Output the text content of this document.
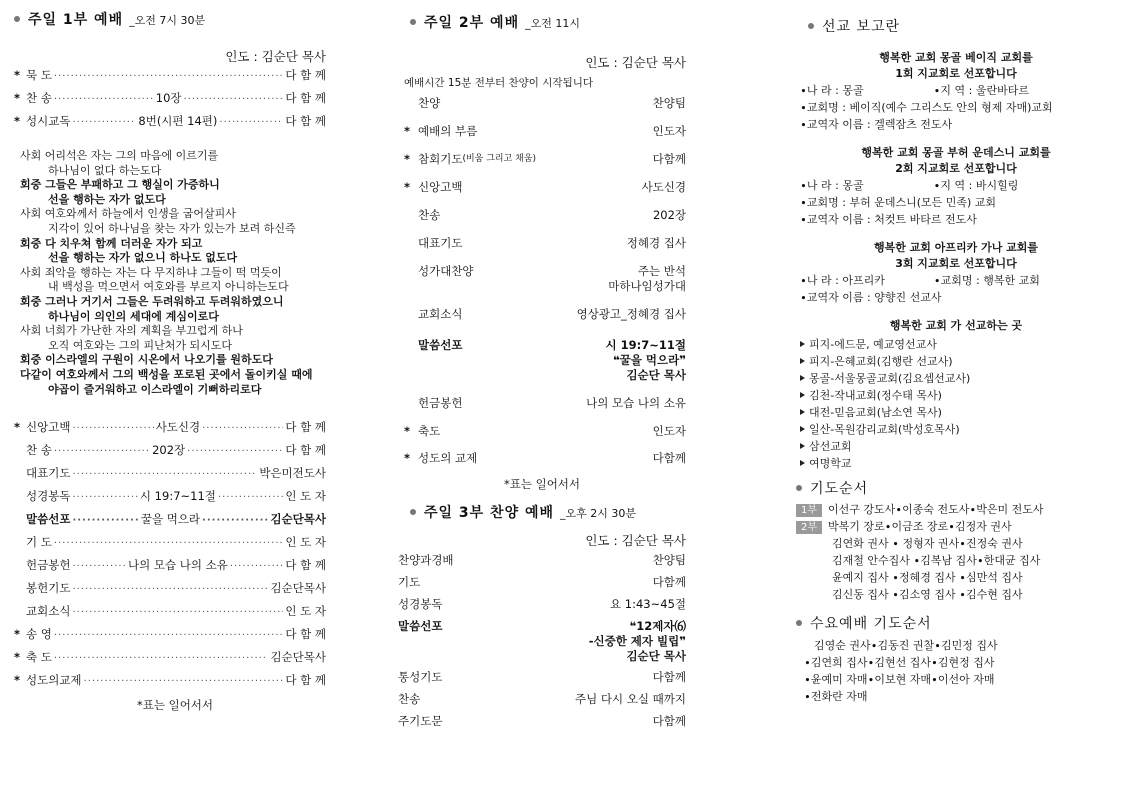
주일 1부 예배 _오전 7시 30분
인도 : 김순단 목사
* 묵 도 ·····	다 함 께
* 찬 송 ·····	10장 ·····	다 함 께
* 성시교독 ·····	8번(시편 14편) ·····	다 함 께
사회 어리석은 자는 그의 마음에 이르기를
하나님이 없다 하는도다
회중 그들은 부패하고 그 행실이 가증하니
선을 행하는 자가 없도다
사회 여호와께서 하늘에서 인생을 굽어살피사
지각이 있어 하나님을 찾는 자가 있는가 보려 하신즉
회중 다 치우쳐 함께 더러운 자가 되고
선을 행하는 자가 없으니 하나도 없도다
사회 죄악을 행하는 자는 다 무지하냐 그들이 떡 먹듯이
내 백성을 먹으면서 여호와를 부르지 아니하는도다
회중 그러나 거기서 그들은 두려워하고 두려워하였으니
하나님이 의인의 세대에 계심이로다
사회 너희가 가난한 자의 계획을 부끄럽게 하나
오직 여호와는 그의 피난처가 되시도다
회중 이스라엘의 구원이 시온에서 나오기를 원하도다
다같이 여호와께서 그의 백성을 포로된 곳에서 돌이키실 때에
야곱이 즐거워하고 이스라엘이 기뻐하리로다
* 신앙고백 ·····	사도신경 ·····	다 함 께
찬 송 ·····	202장 ·····	다 함 께
대표기도 ·····	박은미전도사
성경봉독 ·····	시 19:7~11절 ·····	인 도 자
말씀선포 ·····	꿀을 먹으라 ·····	김순단목사
기 도 ·····	인 도 자
헌금봉헌 ·····	나의 모습 나의 소유 ·····	다 함 께
봉헌기도 ·····	김순단목사
교회소식 ·····	인 도 자
* 송 영 ·····	다 함 께
* 축 도 ·····	김순단목사
* 성도의교제 ·····	다 함 께
*표는 일어서서
주일 2부 예배 _오전 11시
인도 : 김순단 목사
예배시간 15분 전부터 찬양이 시작됩니다
찬양	찬양팀
* 예배의 부름	인도자
* 참회기도 (비움 그리고 채움)	다함께
* 신앙고백	사도신경
찬송	202장
대표기도	정혜경 집사
성가대찬양	주는 반석
마하나임성가대
교회소식	영상광고_정혜경 집사
말씀선포	시 19:7~11절
❝꿀을 먹으라❞
김순단 목사
헌금봉헌	나의 모습 나의 소유
* 축도	인도자
* 성도의 교제	다함께
*표는 일어서서
주일 3부 찬양 예배 _오후 2시 30분
인도 : 김순단 목사
찬양과경배	찬양팀
기도	다함께
성경봉독	요 1:43~45절
말씀선포	❝12제자⑹
-신중한 제자 빌립❞
김순단 목사
통성기도	다함께
찬송	주님 다시 오실 때까지
주기도문	다함께
선교 보고란
행복한 교회 몽골 베이직 교회를
1회 지교회로 선포합니다
∙나 라 : 몽골                    ∙지 역 : 울란바타르
∙교회명 : 베이직(예수 그리스도 안의 형제 자매)교회
∙교역자 이름 : 겔렉잠츠 전도사
행복한 교회 몽골 부허 운데스니 교회를
2회 지교회로 선포합니다
∙나 라 : 몽골                    ∙지 역 : 바시힐링
∙교회명 : 부허 운데스니(모든 민족) 교회
∙교역자 이름 : 처컷트 바타르 전도사
행복한 교회 아프리카 가나 교회를
3회 지교회로 선포합니다
∙나 라 : 아프리카              ∙교회명 : 행복한 교회
∙교역자 이름 : 양향진 선교사
행복한 교회 가 선교하는 곳
피지-에드문, 예교영선교사
피지-은혜교회(김행란 선교사)
몽골-서울몽골교회(김요셉선교사)
김천-작내교회(정수태 목사)
대전-믿음교회(남소연 목사)
일산-목원감리교회(박성호목사)
삼선교회
여명학교
기도순서
1부 이선구 강도사∙이종숙 전도사∙박은미 전도사
2부 박복기 장로∙이금조 장로∙김정자 권사
김연화 권사 ∙ 정형자 권사∙진정숙 권사
김재철 안수집사 ∙김복남 집사∙한대균 집사
윤예지 집사 ∙정혜경 집사 ∙심만석 집사
김신동 집사 ∙김소영 집사 ∙김수현 집사
수요예배 기도순서
김영순 권사∙김동진 권찰∙김민정 집사
∙김연희 집사∙김현선 집사∙김현정 집사
∙윤예미 자매∙이보현 자매∙이선아 자매
∙전화란 자매
